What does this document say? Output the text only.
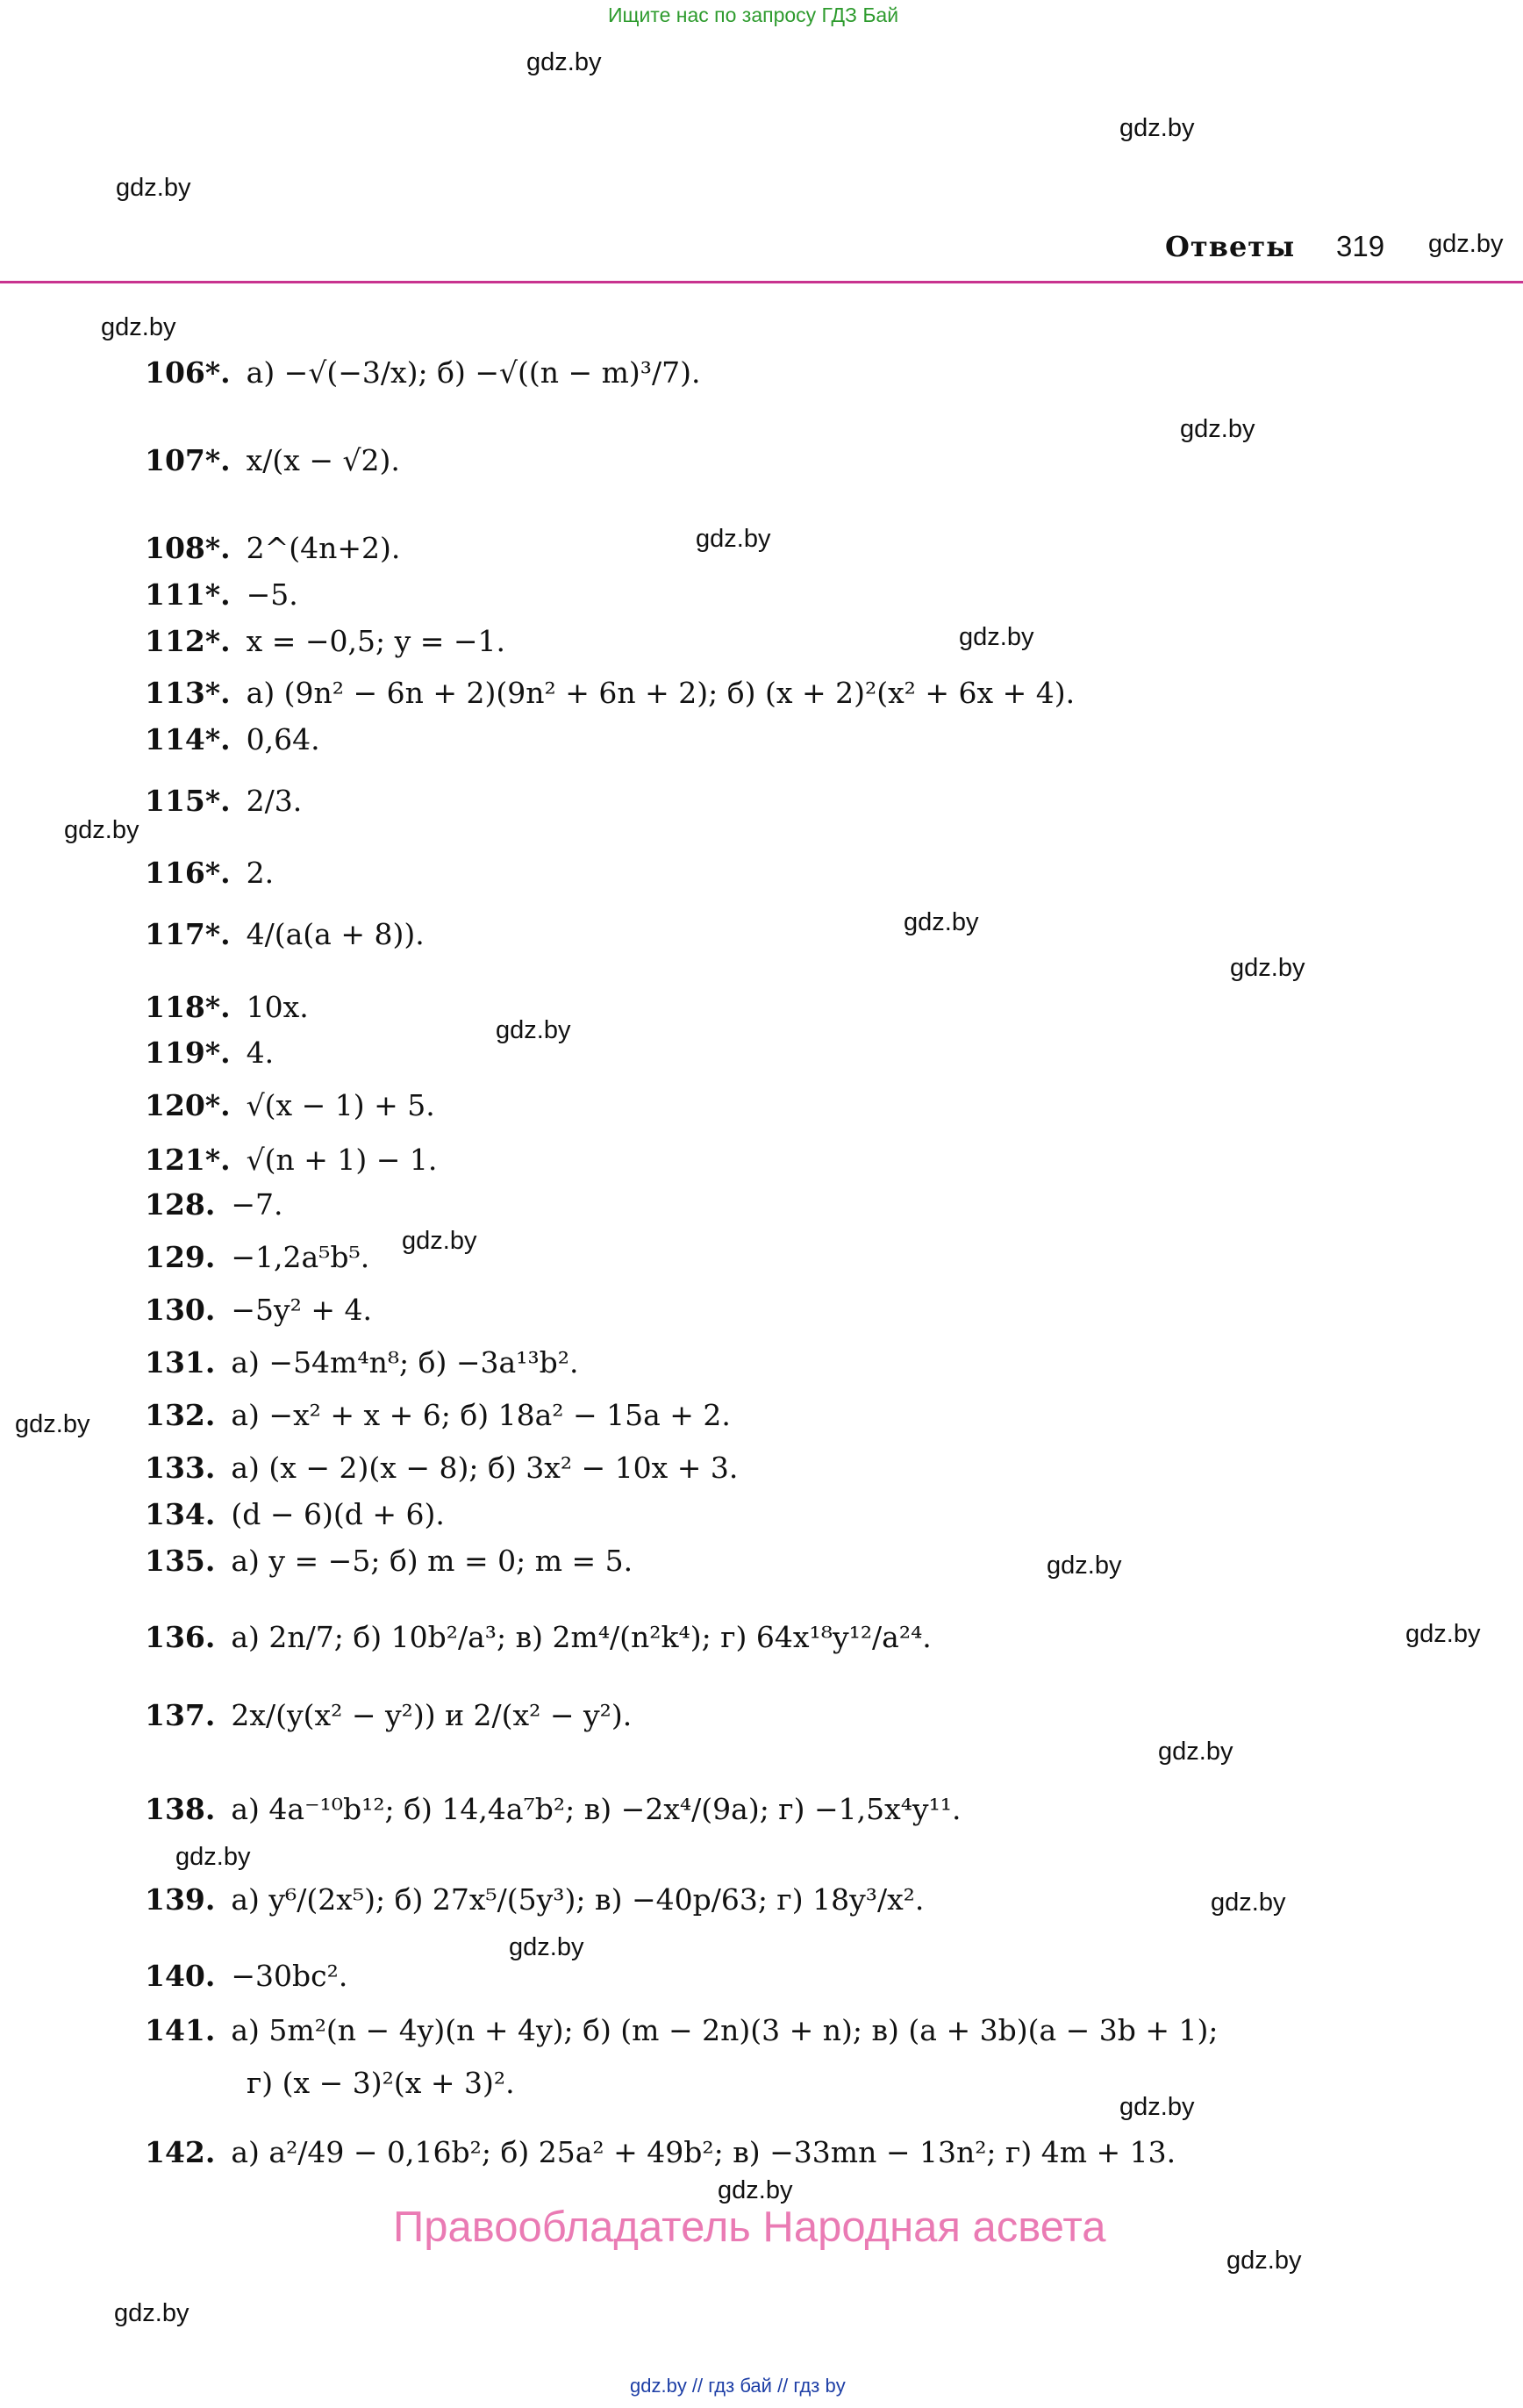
Ищите нас по запросу ГДЗ Бай
gdz.by
gdz.by
gdz.by
gdz.by
gdz.by
gdz.by
gdz.by
gdz.by
gdz.by
gdz.by
gdz.by
gdz.by
gdz.by
gdz.by
gdz.by
gdz.by
gdz.by
gdz.by
gdz.by
gdz.by
gdz.by
gdz.by
gdz.by
gdz.by
Ответы 319
106*. а) −√(−3/x); б) −√((n − m)³/7).
107*. x/(x − √2).
108*. 2^(4n+2).
111*. −5.
112*. x = −0,5; y = −1.
113*. а) (9n² − 6n + 2)(9n² + 6n + 2); б) (x + 2)²(x² + 6x + 4).
114*. 0,64.
115*. 2/3.
116*. 2.
117*. 4/(a(a + 8)).
118*. 10x.
119*. 4.
120*. √(x − 1) + 5.
121*. √(n + 1) − 1.
128. −7.
129. −1,2a⁵b⁵.
130. −5y² + 4.
131. а) −54m⁴n⁸; б) −3a¹³b².
132. а) −x² + x + 6; б) 18a² − 15a + 2.
133. а) (x − 2)(x − 8); б) 3x² − 10x + 3.
134. (d − 6)(d + 6).
135. а) y = −5; б) m = 0; m = 5.
136. а) 2n/7; б) 10b²/a³; в) 2m⁴/(n²k⁴); г) 64x¹⁸y¹²/a²⁴.
137. 2x/(y(x² − y²)) и 2/(x² − y²).
138. а) 4a⁻¹⁰b¹²; б) 14,4a⁷b²; в) −2x⁴/(9a); г) −1,5x⁴y¹¹.
139. а) y⁶/(2x⁵); б) 27x⁵/(5y³); в) −40p/63; г) 18y³/x².
140. −30bc².
141. а) 5m²(n − 4y)(n + 4y); б) (m − 2n)(3 + n); в) (a + 3b)(a − 3b + 1);
г) (x − 3)²(x + 3)².
142. а) a²/49 − 0,16b²; б) 25a² + 49b²; в) −33mn − 13n²; г) 4m + 13.
Правообладатель Народная асвета
gdz.by // гдз бай // гдз by
